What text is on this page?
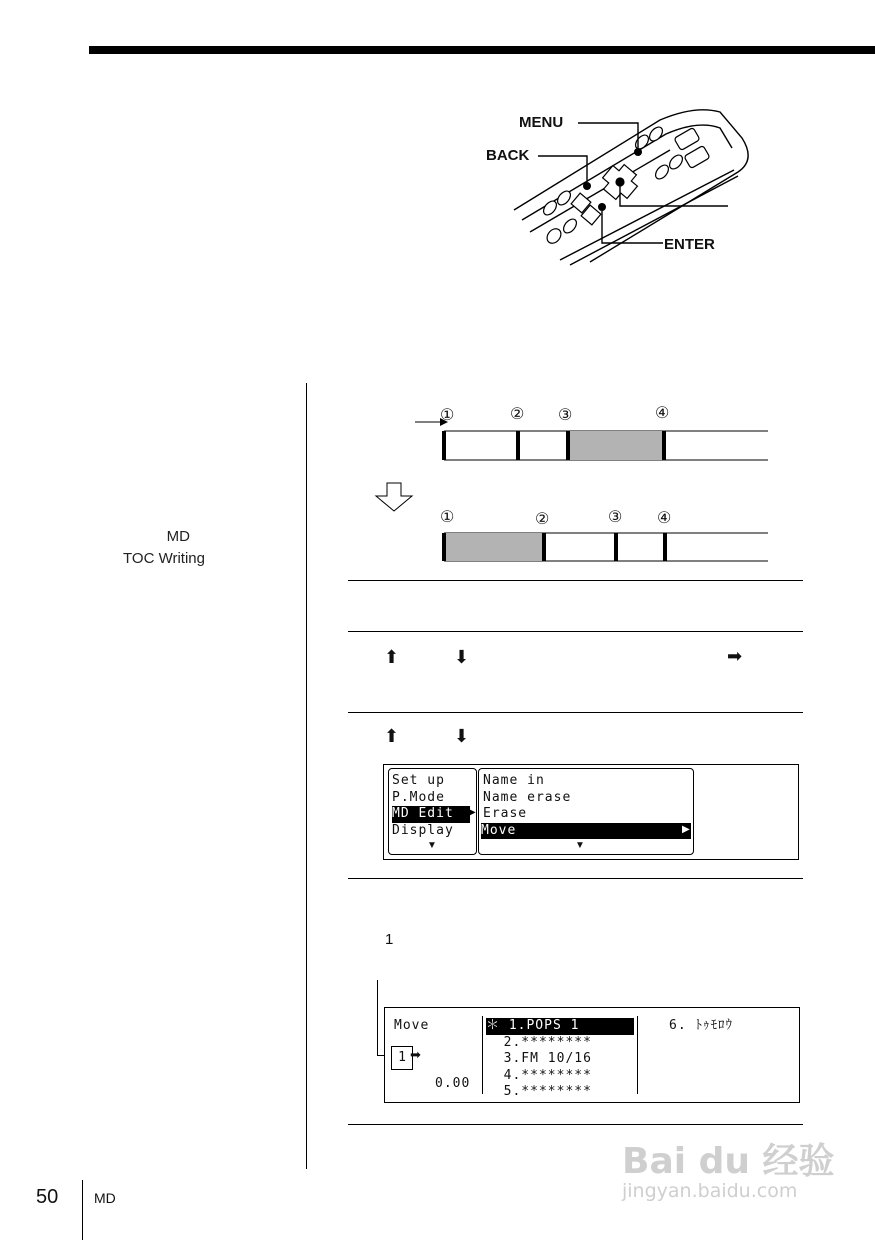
MENU
BACK
ENTER
MD
TOC Writing
①	② ③	④
①	②	③ ④
⬆	⬇	➡
⬆	⬇
Set up
P.Mode
MD Edit	▶
Display
▼
Name in
Name erase
Erase
Move	▶
▼
1
Move
1 ➡
0.00
＊ 1.POPS 1
2.********
3.FM 10/16
4.********
5.********
6. ﾄｩﾓﾛｳ
50	MD
Bai du 经验
jingyan.baidu.com
